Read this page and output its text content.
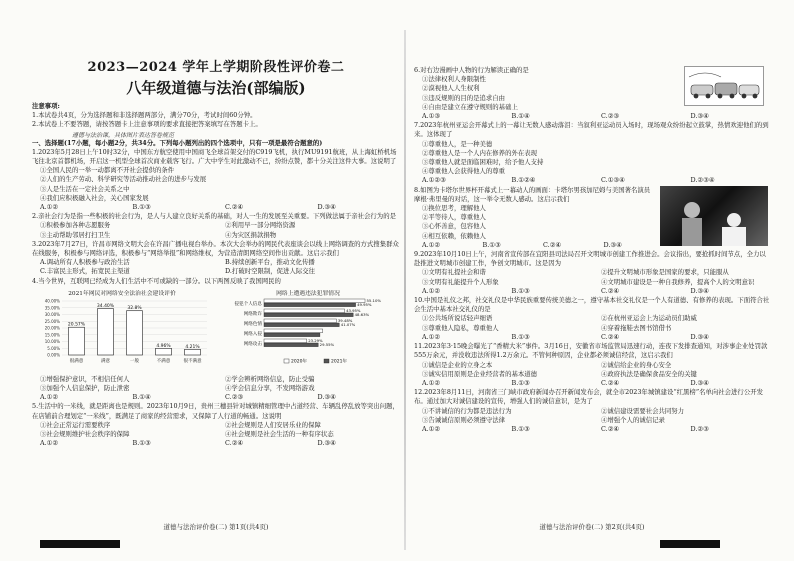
2023—2024 学年上学期阶段性评价卷二
八年级道德与法治(部编版)
注意事项:
1.本试卷共4页，分为选择题和非选择题两部分，满分70分，考试时间60分钟。
2.本试卷上不要答题，请按答题卡上注意事项的要求直接把答案填写在答题卡上。
遵德与法治课，具体图片表达答卷规范
一、选择题(17小题，每小题2分，共34分。下列每小题列出的四个选项中，只有一项是最符合题意的)

1.2023年5月28日上午10时32分，中国东方航空使用中国商飞全球首架交付的C919飞机，执行MU9191航班，从上海虹桥机场飞往北京首都机场，开启这一机型全球首次商业载客飞行。广大中学生对此激动不已，纷纷点赞，都十分关注这件大事。这说明了

①全国人民的一举一动都离不开社会提供的条件
②人们的生产劳动、科学研究等活动推动社会的进步与发展
③人是生活在一定社会关系之中
④我们应积极融入社会，关心国家发展
A.①②	B.①③	C.②④	D.③④

2.亲社会行为是指一些积极的社会行为，是人与人建立良好关系的基础，对人一生的发展至关重要。下列做法属于亲社会行为的是

①积极参加各种志愿服务	②利用早一部分网络资源
③主动帮助邻居打扫卫生	④为灾区捐款捐物

3.2023年7月27日，许昌市网络文明大会在许昌广播电视台举办。本次大会举办的网民代表座谈会以线上网络调查的方式搜集群众在线服务，积极参与网络评选，积极参与“网络举报”和网络维权，为营造清朗网络空间作出贡献。这启示我们

A.调动所有人积极参与政治生活	B.持续创新平台，推动文化传播
C.丰富民主形式，拓宽民主渠道	D.打破时空限制，促进人际交往

4.当今世界，互联网已经成为人们生活中不可或缺的一部分。以下两图反映了我国网民的

2021年网民对网络安全法治社会建设评价
0.00%
5.00%
10.00%
15.00%
20.00%
25.00%
30.00%
35.00%
40.00%
20.57%
很满意
34.40%
满意
32.8%
一般
4.96%
不满意
4.21%
很不满意
网络上遭遇违法犯罪情况
侵犯个人信息
网络欺诈
网络色情
网络入侵
网络攻击
55.10%
49.95%
43.95%
48.63%
39.48%
41.07%
23.29%
29.55%
2020年	2021年
①增强保护意识，不相信任何人	②学会辨析网络信息，防止受骗
③加强个人信息保护，防止泄密	④学会信息分享，不发网络游戏
A.①②	B.①④	C.②③	D.③④

5.生活中的一米线，就是距离也是规则。2023年10月9日，贵州三穗县针对城镇精细管理中占道经营、车辆乱停乱放等突出问题，在店铺前合理划定“一米线”，既满足了商家的经营需求，又保障了人行道的畅通。这说明

①社会正常运行需要秩序	②社会规则是人们安居乐业的保障
③社会规则维护社会秩序的保障	④社会规则是社会生活的一种有序状态
A.①②	B.①③	C.②④	D.③④
道德与法治评价卷(二) 第1页(共4页)

6.对右边漫画中人物的行为解读正确的是

①法律权利人身限制性
②漠视他人人生权利
③违反规则的目的是追求自由
④自由是建立在遵守规则的基础上
A.①③	B.①④	C.②③	D.③④

7.2023年杭州亚运会开幕式上的一幕让无数人感动落泪：当叙利亚运动员入场时，现场观众纷纷起立鼓掌，热情欢迎他们的到来。这体现了

①尊重他人，是一种美德
②尊重他人是一个人内在修养的外在表现
③尊重他人就是面临困难时，给予他人支持
④尊重他人会获得他人的尊重
A.①②③	B.①②④	C.①③④	D.②③④

8.如图为卡塔尔世界杯开幕式上一幕动人的画面：卡塔尔男孩加尼姆与美国著名演员摩根·弗里曼的对话，这一举令无数人感动。这启示我们

①换位思考，理解他人
②平等待人，尊重他人
③心怀善意，包容他人
④相互依赖，依赖他人
A.①②	B.①③	C.②④	D.③④

9.2023年10月10日上午，河南省宣传部在宜阳县司法局召开文明城市创建工作推进会。会议指出，要抢抓时间节点，全力以赴推进文明城市创建工作，争创文明城市。这是因为

①文明有礼提社会和谐	②提升文明城市形象是国家的要求，只能服从
③文明有礼能提升个人形象	④文明城市建设是一种自我修养，提高个人的文明意识
A.①②	B.①③	C.②④	D.③④

10.中国是礼仪之邦，社交礼仪是中华民族重要传统美德之一，遵守基本社交礼仪是一个人有道德、有修养的表现。下面符合社会生活中基本社交礼仪的是

①公共场所说话轻声细语	②在杭州亚运会上为运动员们助威
③尊重他人隐私，尊重他人	④穿着拖鞋去图书馆借书
A.①②	B.①③	C.②④	D.③④

11.2023年3·15晚会曝光了“香精大米”事件。3月16日，安徽省市场监管局迅速行动，连夜下发排查通知，对涉事企业处罚款555万余元，并没收违法所得1.2万余元。不管何种原因，企业都必须诚信经营，这启示我们

①诚信是企业的立身之本	②诚信给企业的身心安全
③诚实信用原则是企业经营者的基本道德	④政府执法是确保食品安全的关键
A.①②	B.①③	C.②④	D.③④

12.2023年8月11日，河南省三门峡市政府新闻办召开新闻发布会，就全市2023年城镇建设“红黑榜”名单向社会进行公开发布。通过加大对诚信建设的宣传，增强人们的诚信意识，是为了

①不讲诚信的行为都是违法行为	②诚信建设需要社会共同努力
③告诫诚信原则必须遵守法律	④增强个人的诚信记录
A.①②	B.①③	C.②④	D.②③
道德与法治评价卷(二) 第2页(共4页)
